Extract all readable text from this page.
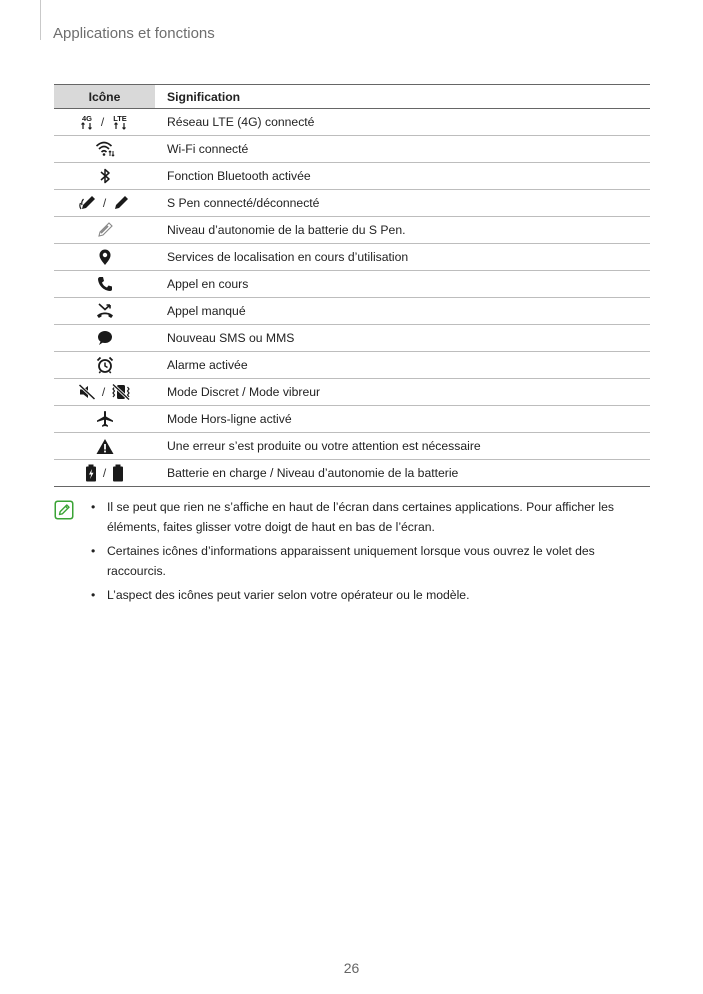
Applications et fonctions
Icône	Signification

4G / LTE	Réseau LTE (4G) connecté

	Wi-Fi connecté

	Fonction Bluetooth activée

/	S Pen connecté/déconnecté

	Niveau d’autonomie de la batterie du S Pen.

	Services de localisation en cours d’utilisation

	Appel en cours

	Appel manqué

	Nouveau SMS ou MMS

	Alarme activée

/	Mode Discret / Mode vibreur

	Mode Hors-ligne activé

	Une erreur s’est produite ou votre attention est nécessaire

/	Batterie en charge / Niveau d’autonomie de la batterie
• Il se peut que rien ne s’affiche en haut de l’écran dans certaines applications. Pour afficher les éléments, faites glisser votre doigt de haut en bas de l’écran.
• Certaines icônes d’informations apparaissent uniquement lorsque vous ouvrez le volet des raccourcis.
• L’aspect des icônes peut varier selon votre opérateur ou le modèle.
26
